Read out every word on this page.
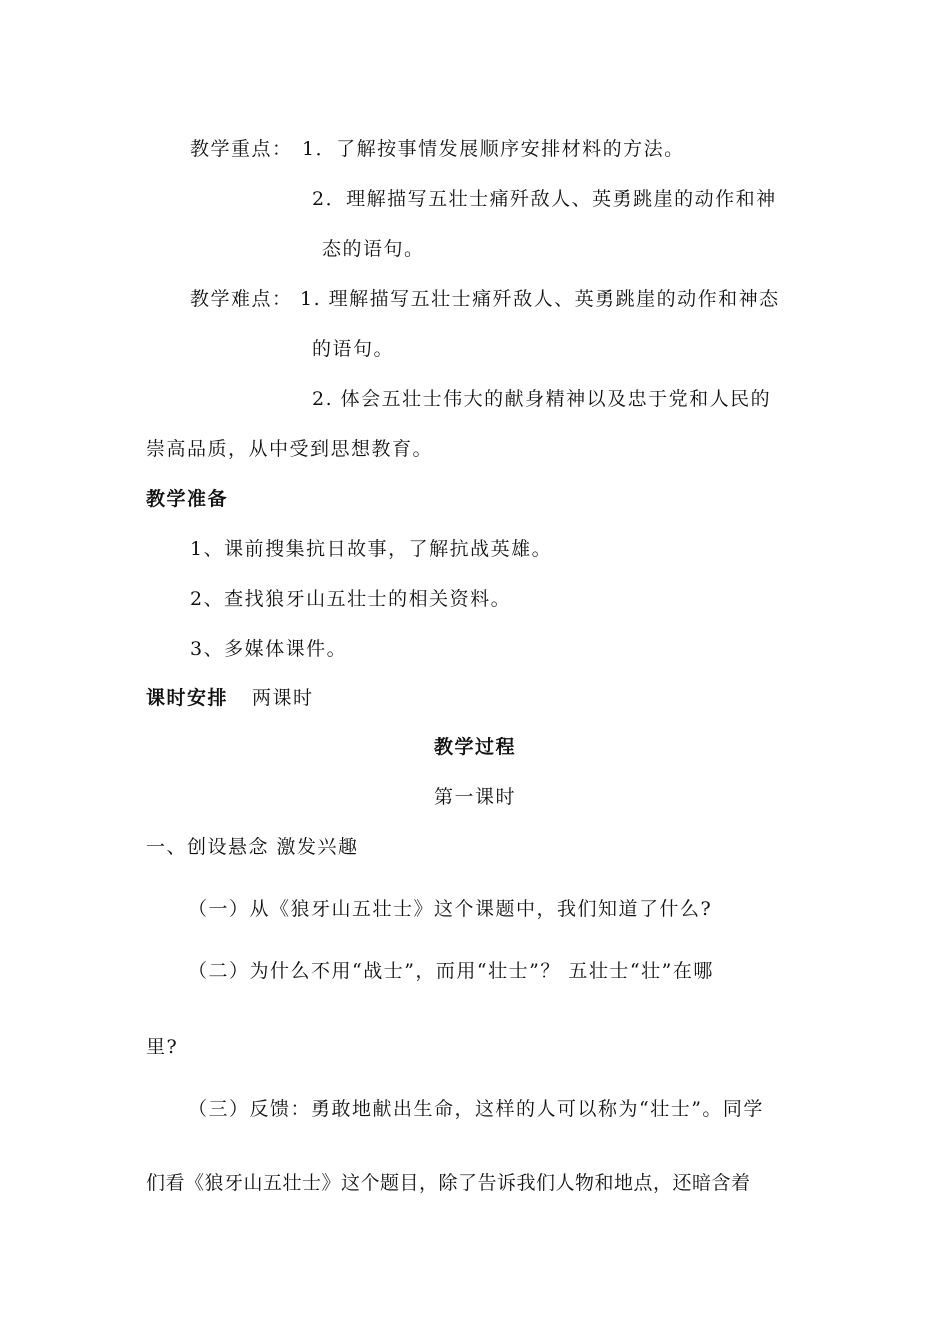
教学重点： 1．了解按事情发展顺序安排材料的方法。
2．理解描写五壮士痛歼敌人、英勇跳崖的动作和神
态的语句。
教学难点： 1. 理解描写五壮士痛歼敌人、英勇跳崖的动作和神态
的语句。
2. 体会五壮士伟大的献身精神以及忠于党和人民的
崇高品质，从中受到思想教育。
教学准备
1、课前搜集抗日故事，了解抗战英雄。
2、查找狼牙山五壮士的相关资料。
3、多媒体课件。
课时安排 两课时
教学过程
第一课时
一、创设悬念 激发兴趣
（一）从《狼牙山五壮士》这个课题中，我们知道了什么?
（二）为什么不用“战士”，而用“壮士”？ 五壮士“壮”在哪
里?
（三）反馈：勇敢地献出生命，这样的人可以称为“壮士”。同学
们看《狼牙山五壮士》这个题目，除了告诉我们人物和地点，还暗含着
